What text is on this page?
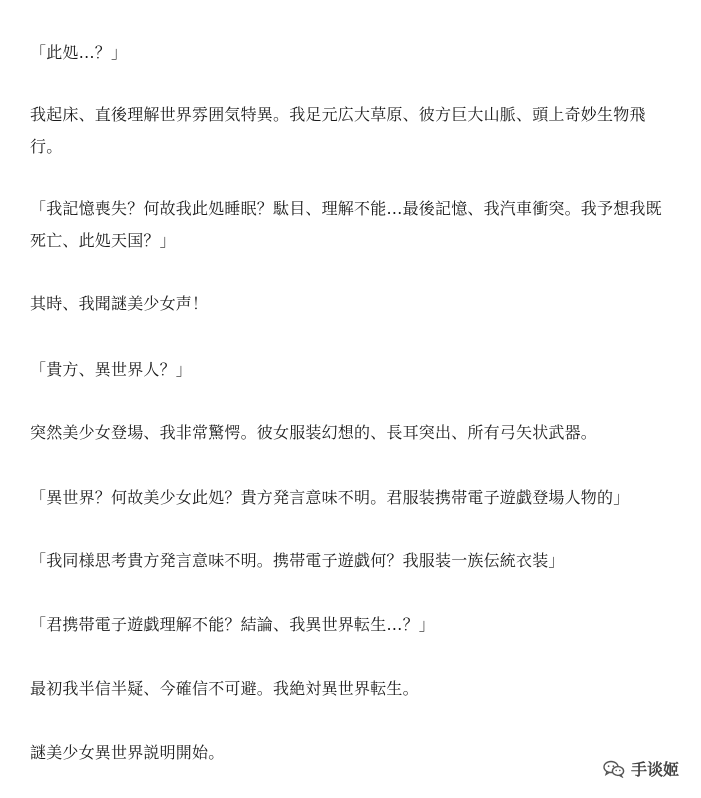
「此処…？」

我起床、直後理解世界雰囲気特異。我足元広大草原、彼方巨大山脈、頭上奇妙生物飛行。

「我記憶喪失？何故我此処睡眠？駄目、理解不能…最後記憶、我汽車衝突。我予想我既死亡、此処天国？」

其時、我聞謎美少女声！

「貴方、異世界人？」

突然美少女登場、我非常驚愕。彼女服装幻想的、長耳突出、所有弓矢状武器。

「異世界？何故美少女此処？貴方発言意味不明。君服装携帯電子遊戯登場人物的」

「我同様思考貴方発言意味不明。携帯電子遊戯何？我服装一族伝統衣装」

「君携帯電子遊戯理解不能？結論、我異世界転生…？」

最初我半信半疑、今確信不可避。我絶対異世界転生。

謎美少女異世界説明開始。

手谈姬
